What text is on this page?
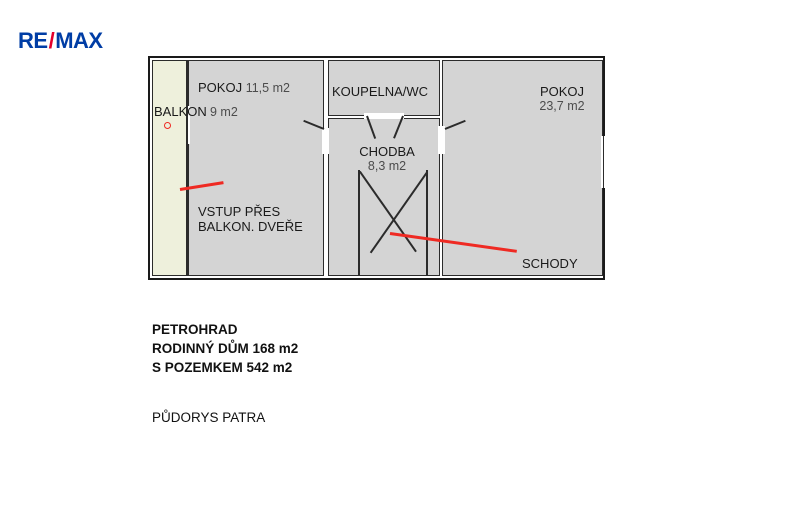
RE/MAX
BALKON 9 m2
POKOJ 11,5 m2	KOUPELNA/WC
CHODBA
8,3 m2
POKOJ
23,7 m2
VSTUP PŘES
BALKON. DVEŘE
SCHODY
PETROHRAD
RODINNÝ DŮM 168 m2
S POZEMKEM 542 m2
PŮDORYS PATRA
